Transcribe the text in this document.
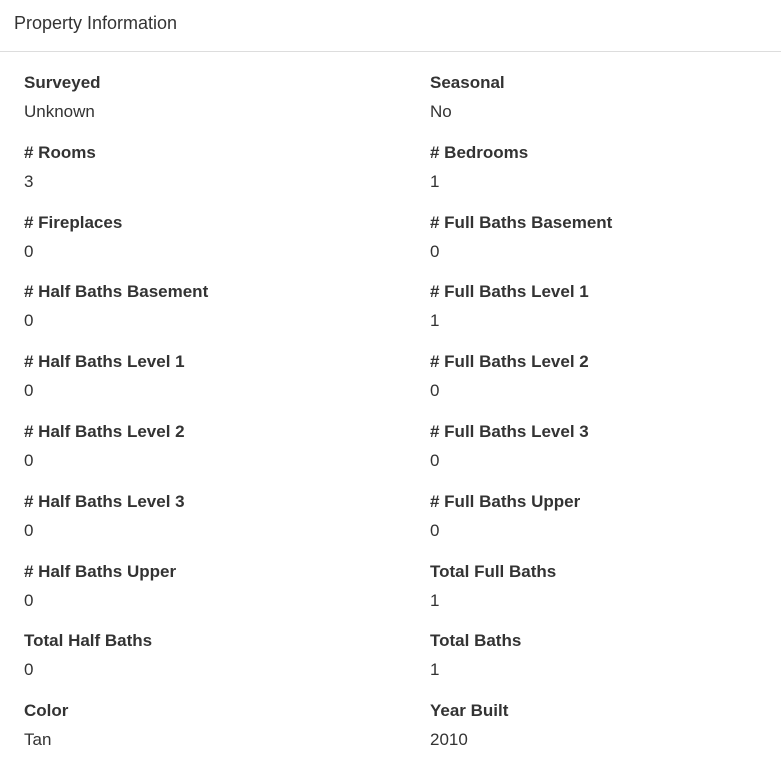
Property Information
Surveyed
Unknown
Seasonal
No
# Rooms
3
# Bedrooms
1
# Fireplaces
0
# Full Baths Basement
0
# Half Baths Basement
0
# Full Baths Level 1
1
# Half Baths Level 1
0
# Full Baths Level 2
0
# Half Baths Level 2
0
# Full Baths Level 3
0
# Half Baths Level 3
0
# Full Baths Upper
0
# Half Baths Upper
0
Total Full Baths
1
Total Half Baths
0
Total Baths
1
Color
Tan
Year Built
2010
